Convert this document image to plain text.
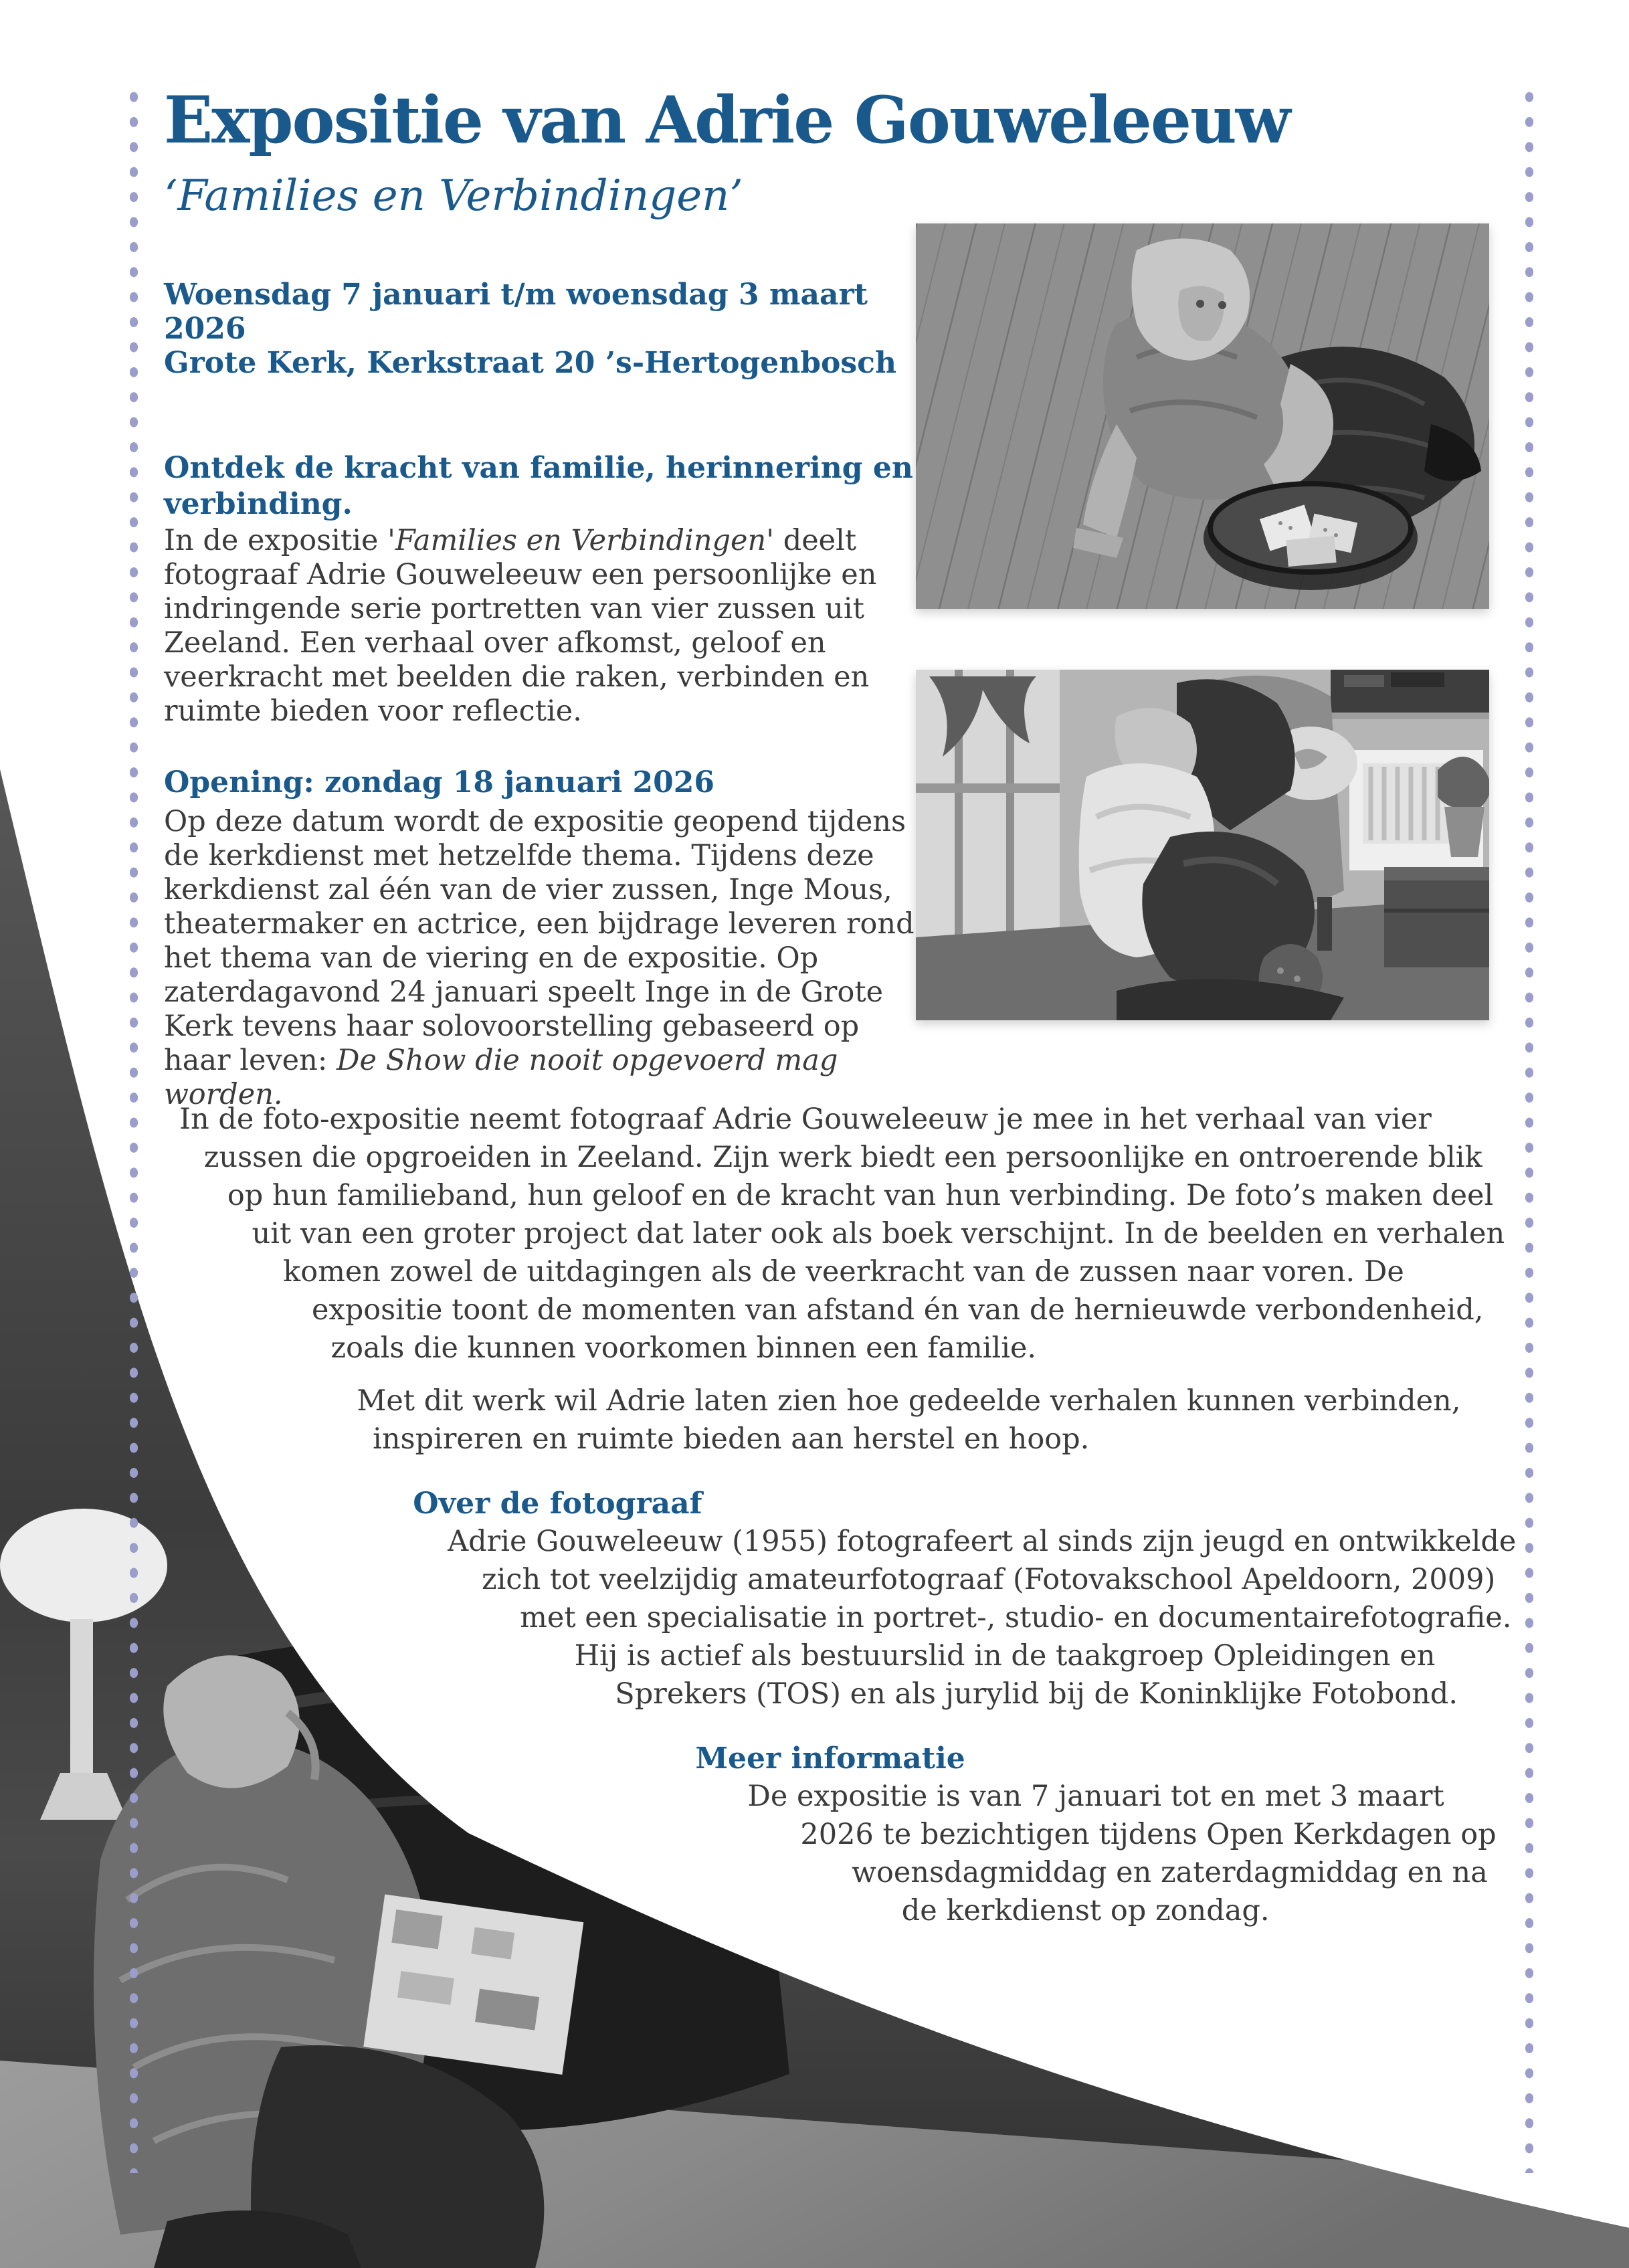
Expositie van Adrie Gouweleeuw
‘Families en Verbindingen’
Woensdag 7 januari t/m woensdag 3 maart 2026
Grote Kerk, Kerkstraat 20 ’s-Hertogenbosch
Ontdek de kracht van familie, herinnering en verbinding.
In de expositie 'Families en Verbindingen' deelt fotograaf Adrie Gouweleeuw een persoonlijke en indringende serie portretten van vier zussen uit Zeeland. Een verhaal over afkomst, geloof en veerkracht met beelden die raken, verbinden en ruimte bieden voor reflectie.
Opening: zondag 18 januari 2026
Op deze datum wordt de expositie geopend tijdens de kerkdienst met hetzelfde thema. Tijdens deze kerkdienst zal één van de vier zussen, Inge Mous, theatermaker en actrice, een bijdrage leveren rond het thema van de viering en de expositie. Op zaterdagavond 24 januari speelt Inge in de Grote Kerk tevens haar solovoorstelling gebaseerd op haar leven: De Show die nooit opgevoerd mag worden.

In de foto-expositie neemt fotograaf Adrie Gouweleeuw je mee in het verhaal van vier zussen die opgroeiden in Zeeland. Zijn werk biedt een persoonlijke en ontroerende blik op hun familieband, hun geloof en de kracht van hun verbinding. De foto’s maken deel uit van een groter project dat later ook als boek verschijnt. In de beelden en verhalen komen zowel de uitdagingen als de veerkracht van de zussen naar voren. De expositie toont de momenten van afstand én van de hernieuwde verbondenheid, zoals die kunnen voorkomen binnen een familie.

Met dit werk wil Adrie laten zien hoe gedeelde verhalen kunnen verbinden, inspireren en ruimte bieden aan herstel en hoop.

Over de fotograaf

Adrie Gouweleeuw (1955) fotografeert al sinds zijn jeugd en ontwikkelde zich tot veelzijdig amateurfotograaf (Fotovakschool Apeldoorn, 2009) met een specialisatie in portret-, studio- en documentairefotografie. Hij is actief als bestuurslid in de taakgroep Opleidingen en Sprekers (TOS) en als jurylid bij de Koninklijke Fotobond.

Meer informatie

De expositie is van 7 januari tot en met 3 maart 2026 te bezichtigen tijdens Open Kerkdagen op woensdagmiddag en zaterdagmiddag en na de kerkdienst op zondag.
